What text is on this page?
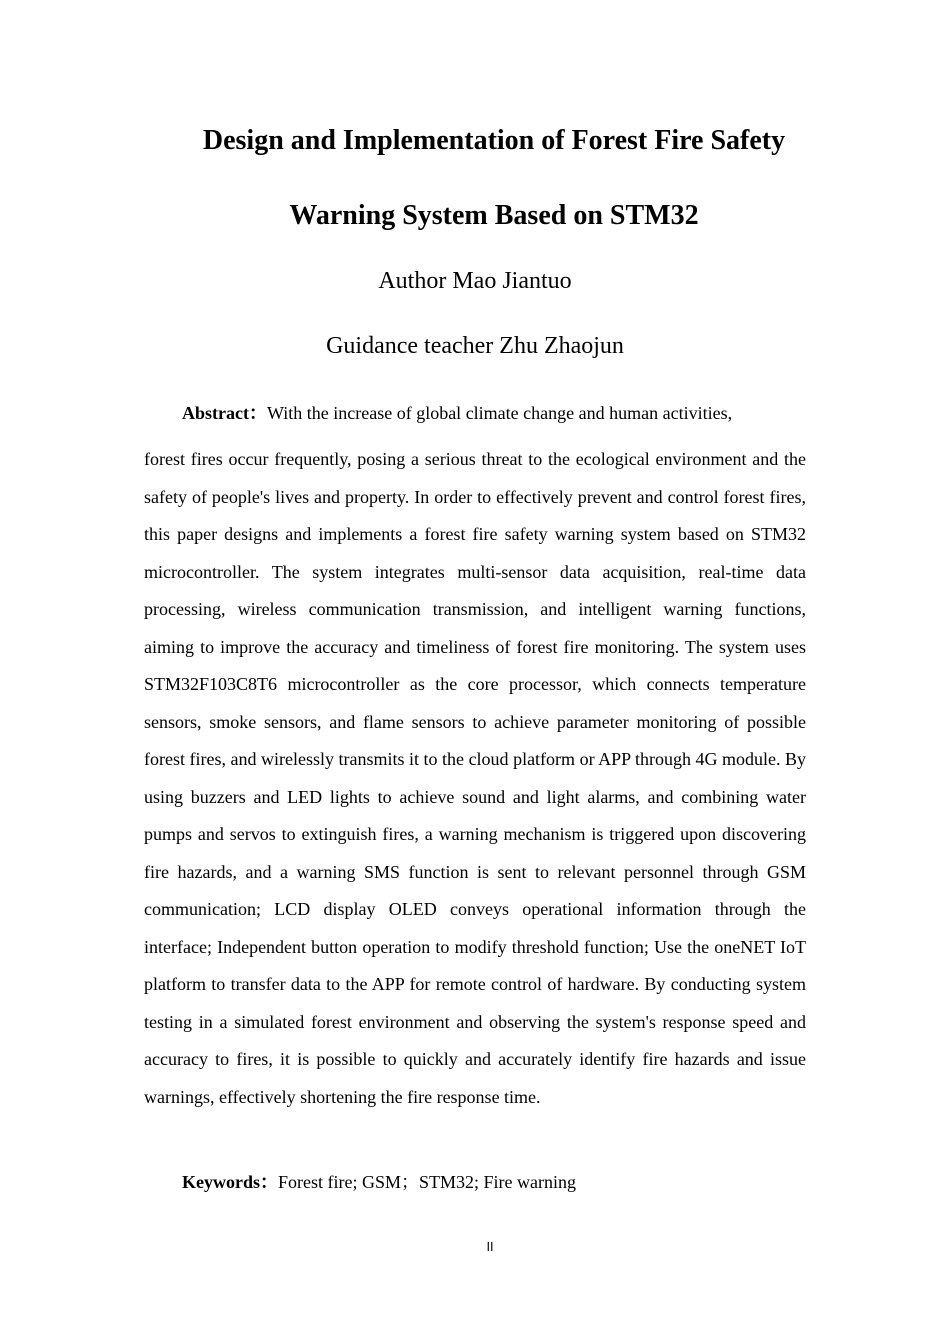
Design and Implementation of Forest Fire Safety
Warning System Based on STM32

Author Mao Jiantuo

Guidance teacher Zhu Zhaojun

Abstract：With the increase of global climate change and human activities,
forest fires occur frequently, posing a serious threat to the ecological environment and the safety of people's lives and property. In order to effectively prevent and control forest fires, this paper designs and implements a forest fire safety warning system based on STM32 microcontroller. The system integrates multi-sensor data acquisition, real-time data processing, wireless communication transmission, and intelligent warning functions, aiming to improve the accuracy and timeliness of forest fire monitoring. The system uses STM32F103C8T6 microcontroller as the core processor, which connects temperature sensors, smoke sensors, and flame sensors to achieve parameter monitoring of possible forest fires, and wirelessly transmits it to the cloud platform or APP through 4G module. By using buzzers and LED lights to achieve sound and light alarms, and combining water pumps and servos to extinguish fires, a warning mechanism is triggered upon discovering fire hazards, and a warning SMS function is sent to relevant personnel through GSM communication; LCD display OLED conveys operational information through the interface; Independent button operation to modify threshold function; Use the oneNET IoT platform to transfer data to the APP for remote control of hardware. By conducting system testing in a simulated forest environment and observing the system's response speed and accuracy to fires, it is possible to quickly and accurately identify fire hazards and issue warnings, effectively shortening the fire response time.

Keywords：Forest fire; GSM；STM32; Fire warning

II
